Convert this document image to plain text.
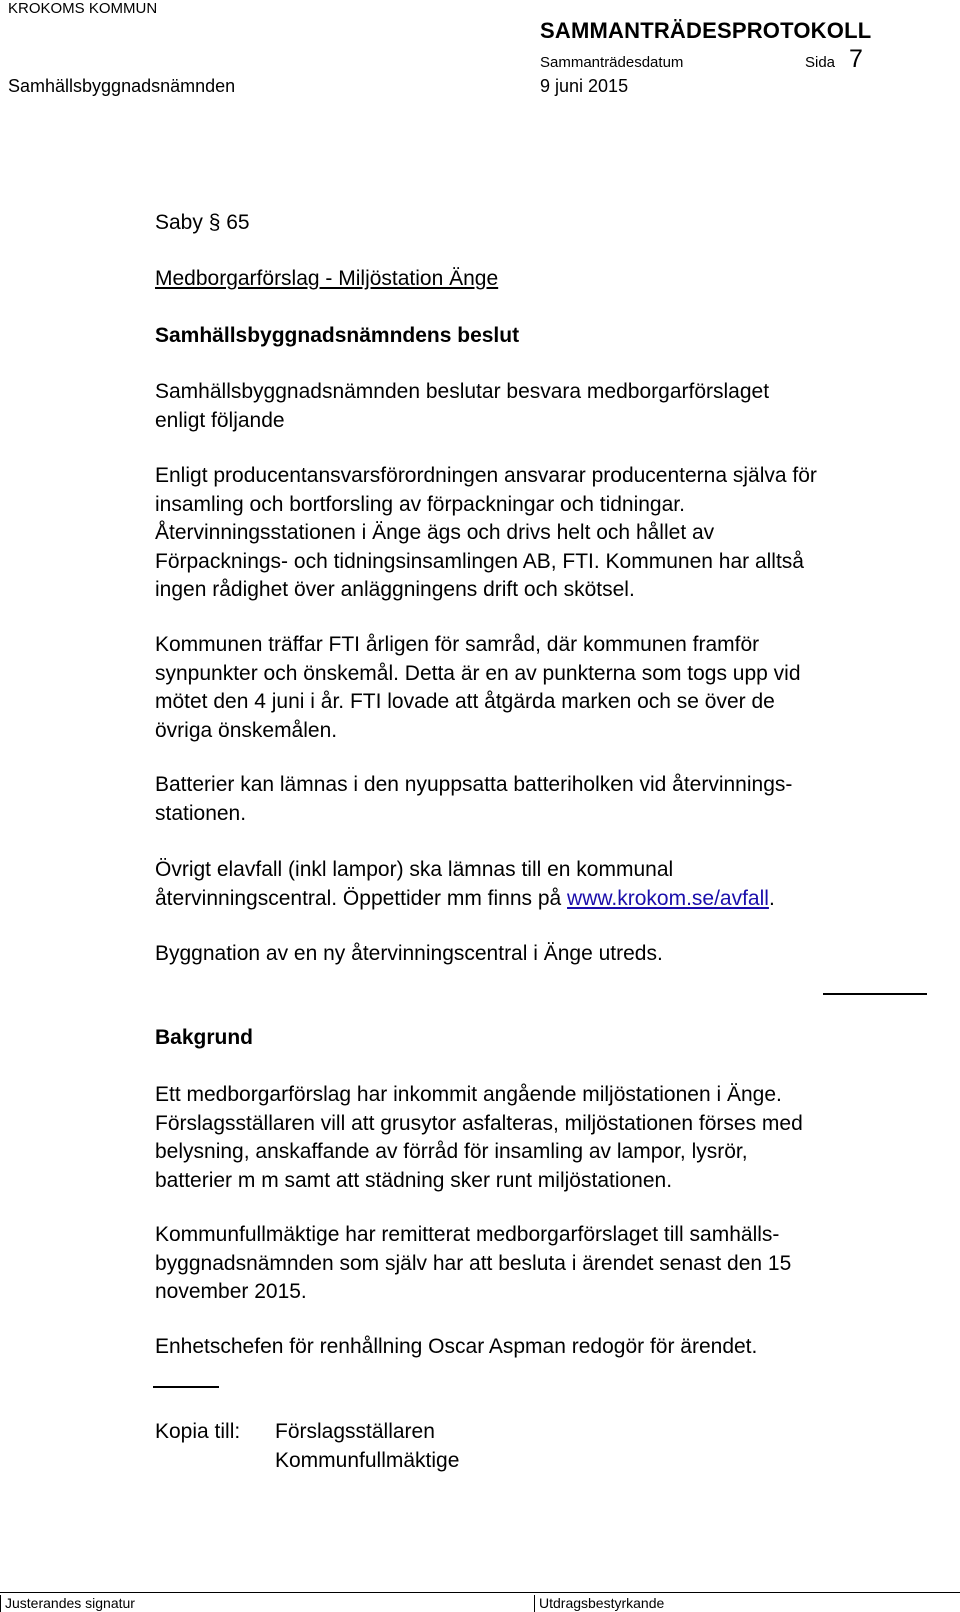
KROKOMS KOMMUN
SAMMANTRÄDESPROTOKOLL
Sammanträdesdatum	Sida 7
Samhällsbyggnadsnämnden	9 juni 2015
Saby § 65
Medborgarförslag - Miljöstation Änge
Samhällsbyggnadsnämndens beslut
Samhällsbyggnadsnämnden beslutar besvara medborgarförslaget
enligt följande
Enligt producentansvarsförordningen ansvarar producenterna själva för
insamling och bortforsling av förpackningar och tidningar.
Återvinningsstationen i Änge ägs och drivs helt och hållet av
Förpacknings- och tidningsinsamlingen AB, FTI. Kommunen har alltså
ingen rådighet över anläggningens drift och skötsel.
Kommunen träffar FTI årligen för samråd, där kommunen framför
synpunkter och önskemål. Detta är en av punkterna som togs upp vid
mötet den 4 juni i år. FTI lovade att åtgärda marken och se över de
övriga önskemålen.
Batterier kan lämnas i den nyuppsatta batteriholken vid återvinnings-
stationen.
Övrigt elavfall (inkl lampor) ska lämnas till en kommunal
återvinningscentral. Öppettider mm finns på www.krokom.se/avfall.
Byggnation av en ny återvinningscentral i Änge utreds.
Bakgrund
Ett medborgarförslag har inkommit angående miljöstationen i Änge.
Förslagsställaren vill att grusytor asfalteras, miljöstationen förses med
belysning, anskaffande av förråd för insamling av lampor, lysrör,
batterier m m samt att städning sker runt miljöstationen.
Kommunfullmäktige har remitterat medborgarförslaget till samhälls-
byggnadsnämnden som själv har att besluta i ärendet senast den 15
november 2015.
Enhetschefen för renhållning Oscar Aspman redogör för ärendet.
Kopia till: Förslagsställaren
Kommunfullmäktige
Justerandes signatur	Utdragsbestyrkande
